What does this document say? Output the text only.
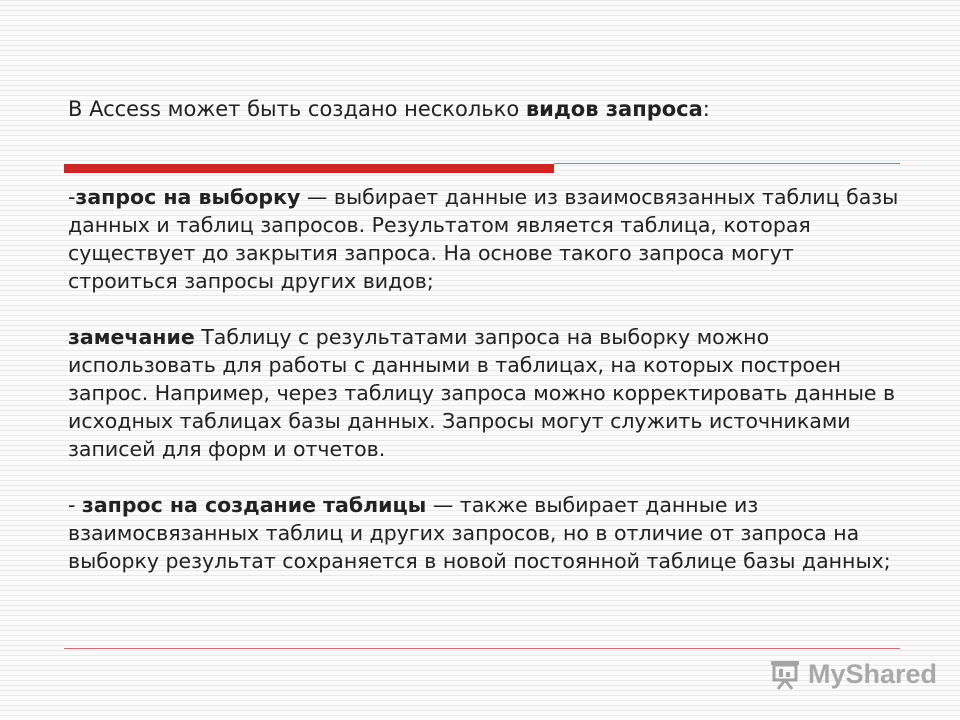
В Access может быть создано несколько видов запроса:

-запрос на выборку — выбирает данные из взаимосвязанных таблиц базы данных и таблиц запросов. Результатом является таблица, которая существует до закрытия запроса. На основе такого запроса могут строиться запросы других видов;

замечание Таблицу с результатами запроса на выборку можно использовать для работы с данными в таблицах, на которых построен запрос. Например, через таблицу запроса можно корректировать данные в исходных таблицах базы данных. Запросы могут служить источниками записей для форм и отчетов.

- запрос на создание таблицы — также выбирает данные из взаимосвязанных таблиц и других запросов, но в отличие от запроса на выборку результат сохраняется в новой постоянной таблице базы данных;

MyShared
